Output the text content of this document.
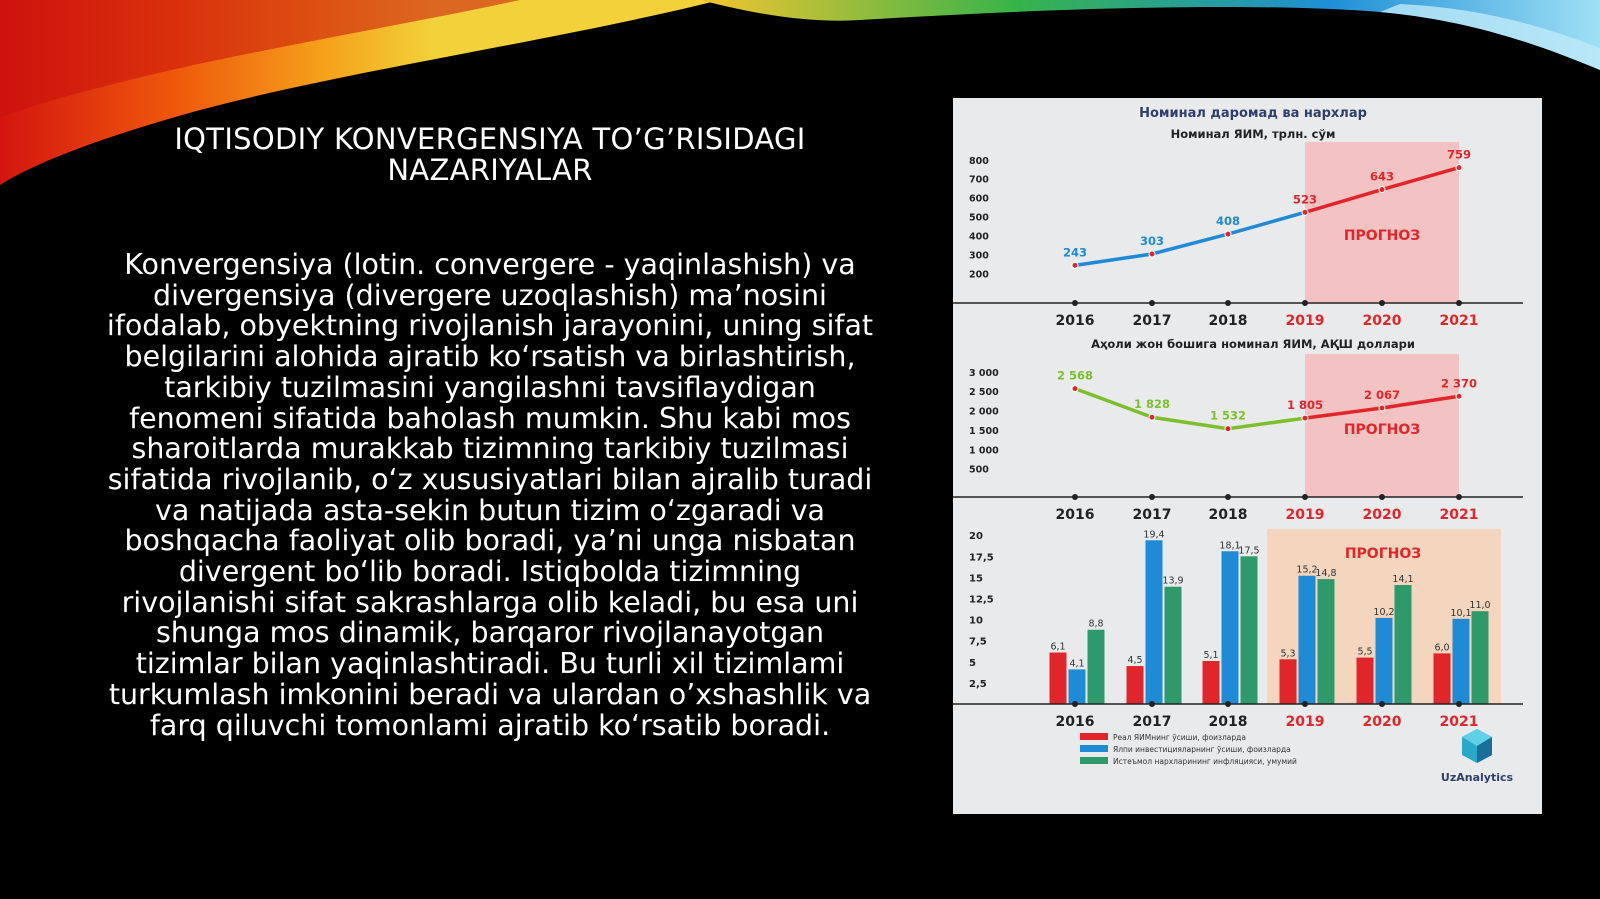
IQTISODIY KONVERGENSIYA TO’G’RISIDAGI NAZARIYALAR
Konvergensiya (lotin. convergere - yaqinlashish) va divergensiya (divergere uzoqlashish) ma’nosini ifodalab, obyektning rivojlanish jarayonini, uning sifat belgilarini alohida ajratib ko‘rsatish va birlashtirish, tarkibiy tuzilmasini yangilashni tavsiflaydigan fenomeni sifatida baholash mumkin. Shu kabi mos sharoitlarda murakkab tizimning tarkibiy tuzilmasi sifatida rivojlanib, o‘z xususiyatlari bilan ajralib turadi va natijada asta-sekin butun tizim o‘zgaradi va boshqacha faoliyat olib boradi, ya’ni unga nisbatan divergent bo‘lib boradi. Istiqbolda tizimning rivojlanishi sifat sakrashlarga olib keladi, bu esa uni shunga mos dinamik, barqaror rivojlanayotgan tizimlar bilan yaqinlashtiradi. Bu turli xil tizimlami turkumlash imkonini beradi va ulardan o’xshashlik va farq qiluvchi tomonlami ajratib ko‘rsatib boradi.
Номинал даромад ва нархлар
Номинал ЯИМ, трлн. сўм
ПРОГНОЗ
200
300
400
500
600
700
800
243
303
408
523
643
759
2016	2017	2018	2019	2020	2021
Аҳоли жон бошига номинал ЯИМ, АҚШ доллари
ПРОГНОЗ
500
1 000
1 500
2 000
2 500
3 000	2 568
1 828
1 532
1 805
2 067
2 370
2016	2017	2018	2019	2020	2021
ПРОГНОЗ
2,5
5
7,5
10
12,5
15
17,5
20
6,1
4,5	5,1	5,3	5,5	6,0
4,1
19,4
18,1
15,2
10,2	10,1
8,8
13,9
17,5
14,8
14,1
11,0
2016	2017	2018	2019	2020	2021
Реал ЯИМнинг ўсиши, фоизларда
Ялпи инвестицияларнинг ўсиши, фоизларда
Истеъмол нархларининг инфляцияси, умумий
UzAnalytics
